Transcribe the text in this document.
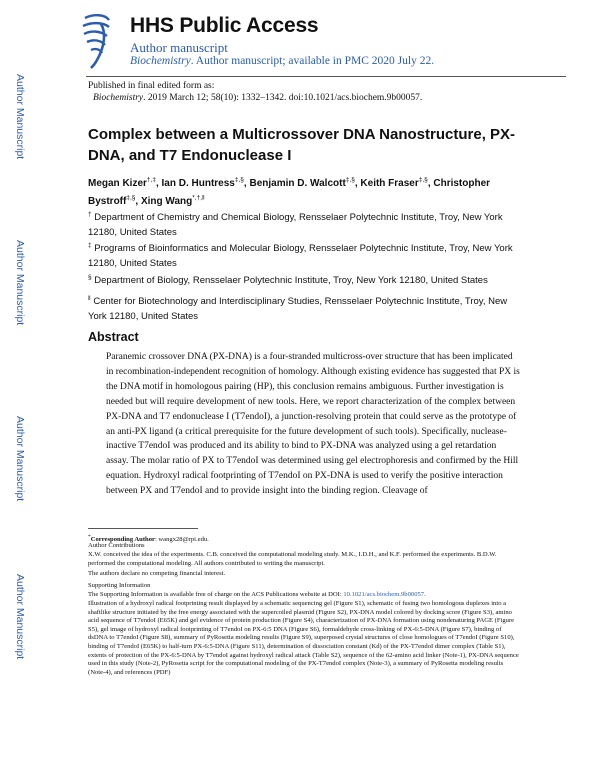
HHS Public Access
Author manuscript
Biochemistry. Author manuscript; available in PMC 2020 July 22.
Published in final edited form as:
Biochemistry. 2019 March 12; 58(10): 1332–1342. doi:10.1021/acs.biochem.9b00057.
Author Manuscript
Author Manuscript
Author Manuscript
Author Manuscript
Complex between a Multicrossover DNA Nanostructure, PX-DNA, and T7 Endonuclease I
Megan Kizer†,‡, Ian D. Huntress‡,§, Benjamin D. Walcott‡,§, Keith Fraser‡,§, Christopher Bystroff‡,§, Xing Wang*,†,‖
† Department of Chemistry and Chemical Biology, Rensselaer Polytechnic Institute, Troy, New York 12180, United States
‡ Programs of Bioinformatics and Molecular Biology, Rensselaer Polytechnic Institute, Troy, New York 12180, United States
§ Department of Biology, Rensselaer Polytechnic Institute, Troy, New York 12180, United States
‖ Center for Biotechnology and Interdisciplinary Studies, Rensselaer Polytechnic Institute, Troy, New York 12180, United States
Abstract
Paranemic crossover DNA (PX-DNA) is a four-stranded multicross-over structure that has been implicated in recombination-independent recognition of homology. Although existing evidence has suggested that PX is the DNA motif in homologous pairing (HP), this conclusion remains ambiguous. Further investigation is needed but will require development of new tools. Here, we report characterization of the complex between PX-DNA and T7 endonuclease I (T7endoI), a junction-resolving protein that could serve as the prototype of an anti-PX ligand (a critical prerequisite for the future development of such tools). Specifically, nuclease-inactive T7endoI was produced and its ability to bind to PX-DNA was analyzed using a gel retardation assay. The molar ratio of PX to T7endoI was determined using gel electrophoresis and confirmed by the Hill equation. Hydroxyl radical footprinting of T7endoI on PX-DNA is used to verify the positive interaction between PX and T7endoI and to provide insight into the binding region. Cleavage of
*Corresponding Author: wangx28@rpi.edu.
Author Contributions
X.W. conceived the idea of the experiments. C.B. conceived the computational modeling study. M.K., I.D.H., and K.F. performed the experiments. B.D.W. performed the computational modeling. All authors contributed to writing the manuscript.
The authors declare no competing financial interest.
Supporting Information
The Supporting Information is available free of charge on the ACS Publications website at DOI: 10.1021/acs.biochem.9b00057.
Illustration of a hydroxyl radical footprinting result displayed by a schematic sequencing gel (Figure S1), schematic of fusing two homologous duplexes into a shaftlike structure initiated by the free energy associated with the supercoiled plasmid (Figure S2), PX-DNA model colored by docking score (Figure S3), amino acid sequence of T7endoI (E65K) and gel evidence of protein production (Figure S4), characterization of PX-DNA formation using nondenaturing PAGE (Figure S5), gel image of hydroxyl radical footprinting of T7endoI on PX-6:5 DNA (Figure S6), formaldehyde cross-linking of PX-6:5-DNA (Figure S7), binding of dsDNA to T7endoI (Figure S8), summary of PyRosetta modeling results (Figure S9), superposed crystal structures of close homologues of T7endoI (Figure S10), binding of T7endoI (E65K) to half-turn PX-6:5-DNA (Figure S11), determination of dissociation constant (Kd) of the PX-T7endoI dimer complex (Table S1), extents of protection of the PX-6:5-DNA by T7endoI against hydroxyl radical attack (Table S2), sequence of the 62-amino acid linker (Note-1), PX-DNA sequence used in this study (Note-2), PyRosetta script for the computational modeling of the PX-T7endoI complex (Note-3), a summary of PyRosetta modeling results (Note-4), and references (PDF)
